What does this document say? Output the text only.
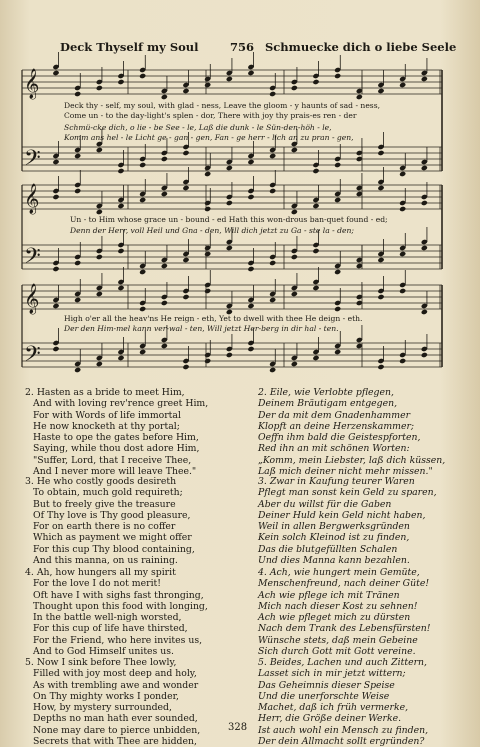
Deck Thyself my Soul	756 Schmuecke dich o liebe Seele
𝄞
𝄢
𝄞
𝄢
𝄞
𝄢
Deck thy - self, my soul, with glad - ness, Leave the gloom - y haunts of sad - ness,
Come un - to the day-light's splen - dor, There with joy thy prais-es ren - der
Schmü-cke dich, o lie - be See - le, Laß die dunk - le Sün-den-höh - le,
Komm ans hel - le Licht ge - gan - gen, Fan - ge herr - lich an zu pran - gen,
Un - to Him whose grace un - bound - ed Hath this won-drous ban-quet found - ed;
Denn der Herr, voll Heil und Gna - den, Will dich jetzt zu Ga - ste la - den;
High o'er all the heav'ns He reign - eth, Yet to dwell with thee He deign - eth.
Der den Him-mel kann ver-wal - ten, Will jetzt Her-berg in dir hal - ten.
2. Hasten as a bride to meet Him,
And with loving rev'rence greet Him,
For with Words of life immortal
He now knocketh at thy portal;
Haste to ope the gates before Him,
Saying, while thou dost adore Him,
"Suffer, Lord, that I receive Thee,
And I never more will leave Thee."
3. He who costly goods desireth
To obtain, much gold requireth;
But to freely give the treasure
Of Thy love is Thy good pleasure,
For on earth there is no coffer
Which as payment we might offer
For this cup Thy blood containing,
And this manna, on us raining.
4. Ah, how hungers all my spirit
For the love I do not merit!
Oft have I with sighs fast thronging,
Thought upon this food with longing,
In the battle well-nigh worsted,
For this cup of life have thirsted,
For the Friend, who here invites us,
And to God Himself unites us.
5. Now I sink before Thee lowly,
Filled with joy most deep and holy,
As with trembling awe and wonder
On Thy mighty works I ponder,
How, by mystery surrounded,
Depths no man hath ever sounded,
None may dare to pierce unbidden,
Secrets that with Thee are hidden,
2. Eile, wie Verlobte pflegen,
Deinem Bräutigam entgegen,
Der da mit dem Gnadenhammer
Klopft an deine Herzenskammer;
Oeffn ihm bald die Geistespforten,
Red ihn an mit schönen Worten:
„Komm, mein Liebster, laß dich küssen,
Laß mich deiner nicht mehr missen."
3. Zwar in Kaufung teurer Waren
Pflegt man sonst kein Geld zu sparen,
Aber du willst für die Gaben
Deiner Huld kein Geld nicht haben,
Weil in allen Bergwerksgründen
Kein solch Kleinod ist zu finden,
Das die blutgefüllten Schalen
Und dies Manna kann bezahlen.
4. Ach, wie hungert mein Gemüte,
Menschenfreund, nach deiner Güte!
Ach wie pflege ich mit Tränen
Mich nach dieser Kost zu sehnen!
Ach wie pfleget mich zu dürsten
Nach dem Trank des Lebensfürsten!
Wünsche stets, daß mein Gebeine
Sich durch Gott mit Gott vereine.
5. Beides, Lachen und auch Zittern,
Lasset sich in mir jetzt wittern;
Das Geheimnis dieser Speise
Und die unerforschte Weise
Machet, daß ich früh vermerke,
Herr, die Größe deiner Werke.
Ist auch wohl ein Mensch zu finden,
Der dein Allmacht sollt ergründen?
328
